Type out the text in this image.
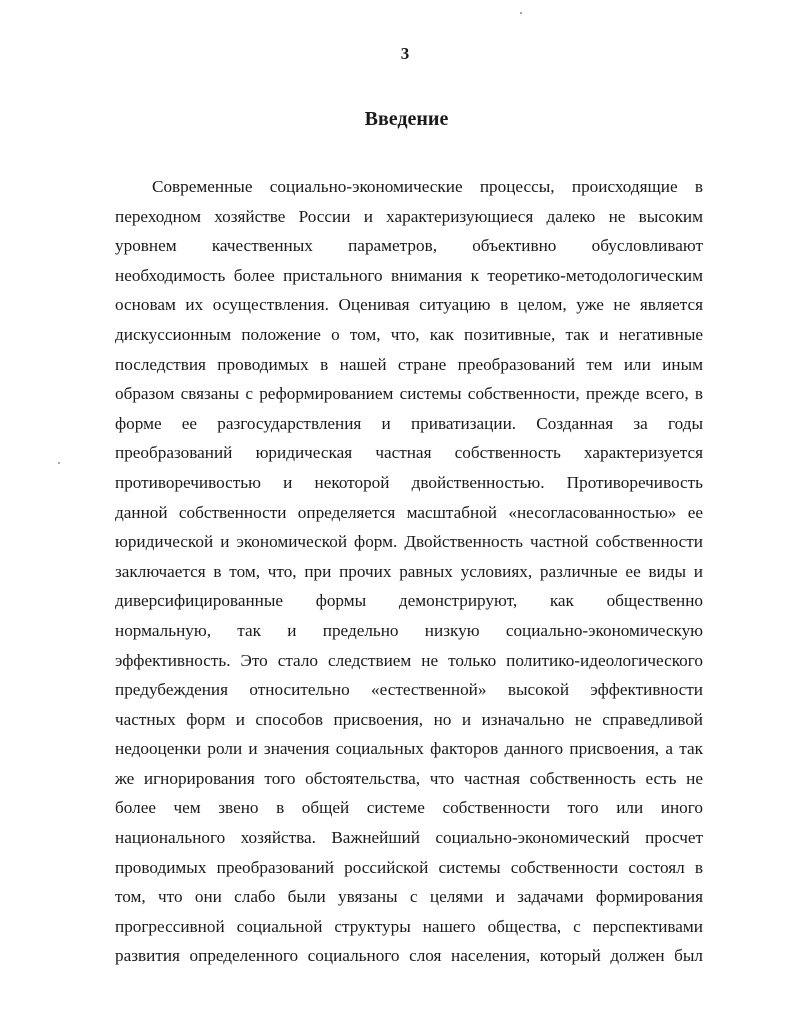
3
Введение
Современные социально-экономические процессы, происходящие в
переходном хозяйстве России и характеризующиеся далеко не высоким
уровнем качественных параметров, объективно обусловливают
необходимость более пристального внимания к теоретико-методологическим
основам их осуществления. Оценивая ситуацию в целом, уже не является
дискуссионным положение о том, что, как позитивные, так и негативные
последствия проводимых в нашей стране преобразований тем или иным
образом связаны с реформированием системы собственности, прежде всего, в
форме ее разгосударствления и приватизации. Созданная за годы
преобразований юридическая частная собственность характеризуется
противоречивостью и некоторой двойственностью. Противоречивость
данной собственности определяется масштабной «несогласованностью» ее
юридической и экономической форм. Двойственность частной собственности
заключается в том, что, при прочих равных условиях, различные ее виды и
диверсифицированные формы демонстрируют, как общественно
нормальную, так и предельно низкую социально-экономическую
эффективность. Это стало следствием не только политико-идеологического
предубеждения относительно «естественной» высокой эффективности
частных форм и способов присвоения, но и изначально не справедливой
недооценки роли и значения социальных факторов данного присвоения, а так
же игнорирования того обстоятельства, что частная собственность есть не
более чем звено в общей системе собственности того или иного
национального хозяйства. Важнейший социально-экономический просчет
проводимых преобразований российской системы собственности состоял в
том, что они слабо были увязаны с целями и задачами формирования
прогрессивной социальной структуры нашего общества, с перспективами
развития определенного социального слоя населения, который должен был
